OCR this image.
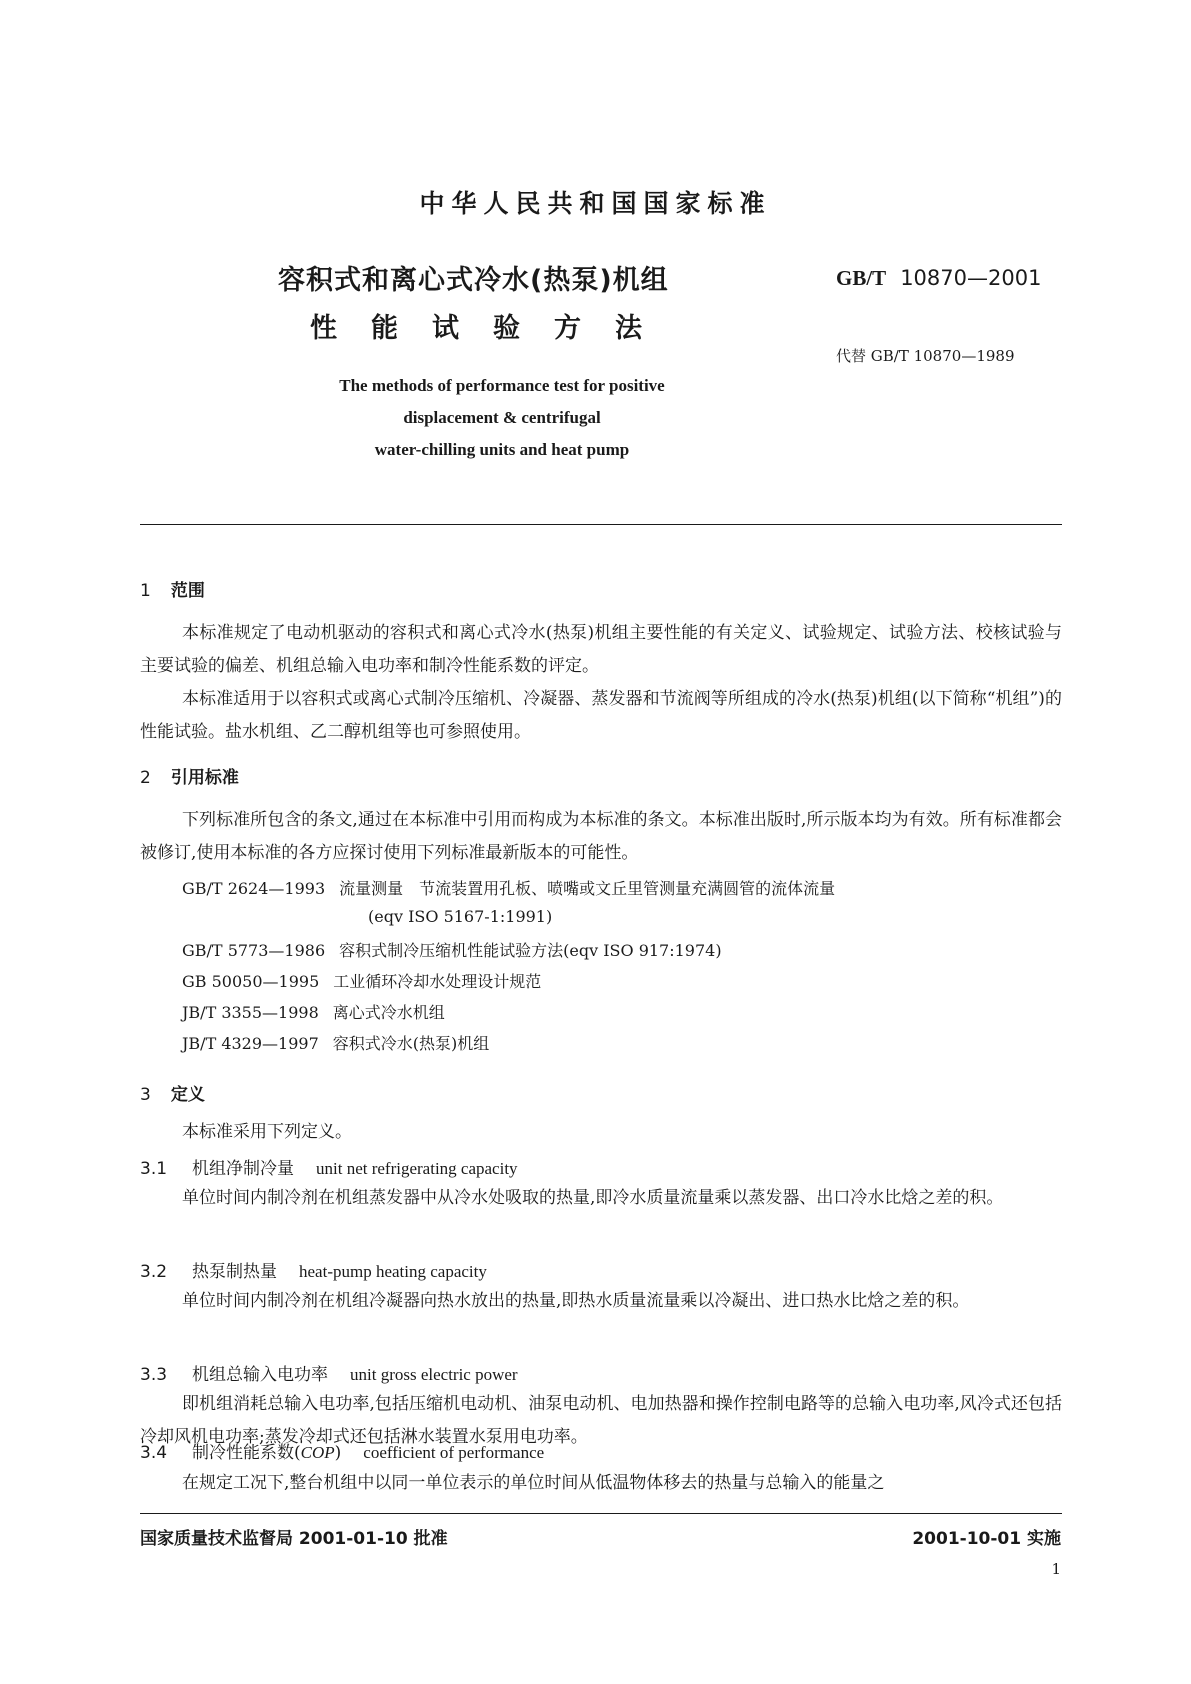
中华人民共和国国家标准
容积式和离心式冷水(热泵)机组
性能试验方法
GB/T 10870—2001
代替 GB/T 10870—1989
The methods of performance test for positive
displacement & centrifugal
water-chilling units and heat pump
1 范围

本标准规定了电动机驱动的容积式和离心式冷水(热泵)机组主要性能的有关定义、试验规定、试验方法、校核试验与主要试验的偏差、机组总输入电功率和制冷性能系数的评定。

本标准适用于以容积式或离心式制冷压缩机、冷凝器、蒸发器和节流阀等所组成的冷水(热泵)机组(以下简称“机组”)的性能试验。盐水机组、乙二醇机组等也可参照使用。

2 引用标准

下列标准所包含的条文,通过在本标准中引用而构成为本标准的条文。本标准出版时,所示版本均为有效。所有标准都会被修订,使用本标准的各方应探讨使用下列标准最新版本的可能性。

GB/T 2624—1993 流量测量　节流装置用孔板、喷嘴或文丘里管测量充满圆管的流体流量
(eqv ISO 5167-1:1991)
GB/T 5773—1986 容积式制冷压缩机性能试验方法(eqv ISO 917:1974)
GB 50050—1995 工业循环冷却水处理设计规范
JB/T 3355—1998 离心式冷水机组
JB/T 4329—1997 容积式冷水(热泵)机组
3 定义

本标准采用下列定义。

3.1 机组净制冷量 unit net refrigerating capacity

单位时间内制冷剂在机组蒸发器中从冷水处吸取的热量,即冷水质量流量乘以蒸发器、出口冷水比焓之差的积。

3.2 热泵制热量 heat-pump heating capacity

单位时间内制冷剂在机组冷凝器向热水放出的热量,即热水质量流量乘以冷凝出、进口热水比焓之差的积。

3.3 机组总输入电功率 unit gross electric power

即机组消耗总输入电功率,包括压缩机电动机、油泵电动机、电加热器和操作控制电路等的总输入电功率,风冷式还包括冷却风机电功率;蒸发冷却式还包括淋水装置水泵用电功率。

3.4 制冷性能系数(COP) coefficient of performance
在规定工况下,整台机组中以同一单位表示的单位时间从低温物体移去的热量与总输入的能量之
国家质量技术监督局 2001-01-10 批准	2001-10-01 实施
1
